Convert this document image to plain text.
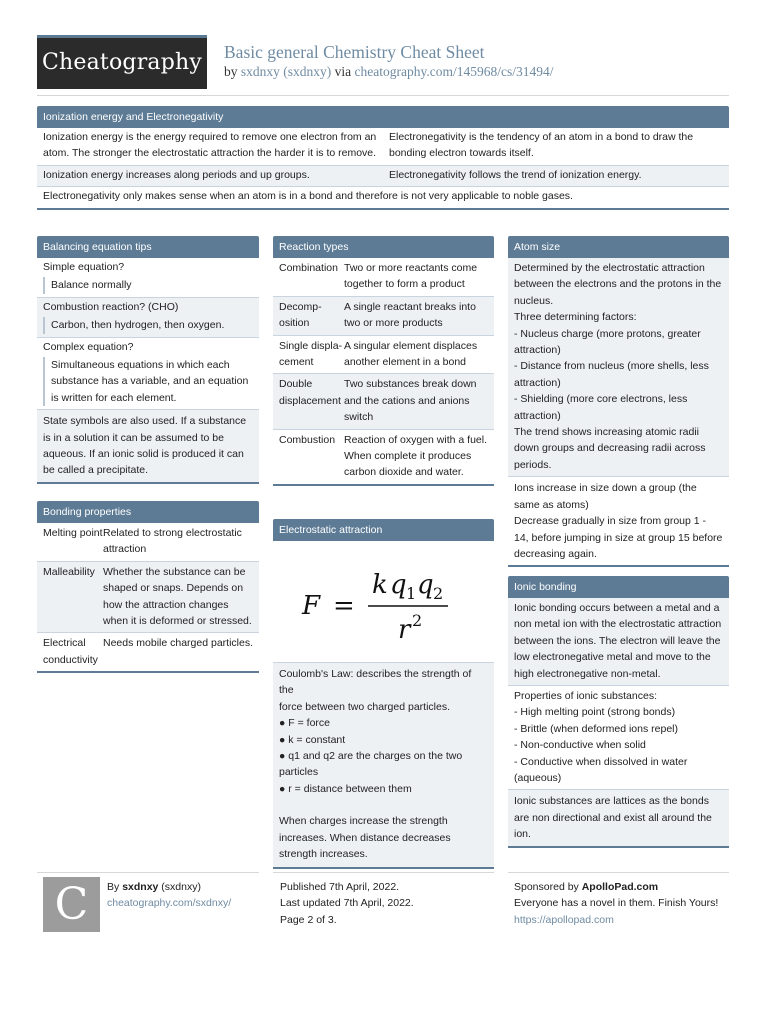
Cheatography Basic general Chemistry Cheat Sheet
by sxdnxy (sxdnxy) via cheatography.com/145968/cs/31494/
Ionization energy and Electronegativity
Ionization energy is the energy required to remove one electron from an atom. The stronger the electrostatic attraction the harder it is to remove.
Electronegativity is the tendency of an atom in a bond to draw the bonding electron towards itself.
Ionization energy increases along periods and up groups.	Electronegativity follows the trend of ionization energy.
Electronegativity only makes sense when an atom is in a bond and therefore is not very applicable to noble gases.
Balancing equation tips
Simple equation?
Balance normally
Combustion reaction? (CHO)
Carbon, then hydrogen, then oxygen.
Complex equation?
Simultaneous equations in which each substance has a variable, and an equation is written for each element.
State symbols are also used. If a substance is in a solution it can be assumed to be aqueous. If an ionic solid is produced it can be called a precipitate.
Bonding properties
Melting point Related to strong electrostatic attraction
Malleability Whether the substance can be shaped or snaps. Depends on how the attraction changes when it is deformed or stressed.
Electrical conductivity
Needs mobile charged particles.
Reaction types
Combination Two or more reactants come together to form a product
Decomposition
A single reactant breaks into two or more products
Single displacement
A singular element displaces another element in a bond
Double displacement
Two substances break down and the cations and anions switch
Combustion Reaction of oxygen with a fuel. When complete it produces carbon dioxide and water.
Electrostatic attraction
F =
k q 1 q 2
r 2
Coulomb's Law: describes the strength of the
force between two charged particles.
● F = force
● k = constant
● q1 and q2 are the charges on the two particles
● r = distance between them
When charges increase the strength increases. When distance decreases strength increases.
Atom size
Determined by the electrostatic attraction between the electrons and the protons in the nucleus.
Three determining factors:
- Nucleus charge (more protons, greater attraction)
- Distance from nucleus (more shells, less attraction)
- Shielding (more core electrons, less attraction)
The trend shows increasing atomic radii down groups and decreasing radii across periods.
Ions increase in size down a group (the same as atoms)
Decrease gradually in size from group 1 - 14, before jumping in size at group 15 before decreasing again.
Ionic bonding
Ionic bonding occurs between a metal and a non metal ion with the electrostatic attraction between the ions. The electron will leave the low electronegative metal and move to the high electronegative non-metal.
Properties of ionic substances:
- High melting point (strong bonds)
- Brittle (when deformed ions repel)
- Non-conductive when solid
- Conductive when dissolved in water (aqueous)
Ionic substances are lattices as the bonds are non directional and exist all around the ion.
C By sxdnxy (sxdnxy)
cheatography.com/sxdnxy/
Published 7th April, 2022.
Last updated 7th April, 2022.
Page 2 of 3.
Sponsored by ApolloPad.com
Everyone has a novel in them. Finish Yours!
https://apollopad.com
